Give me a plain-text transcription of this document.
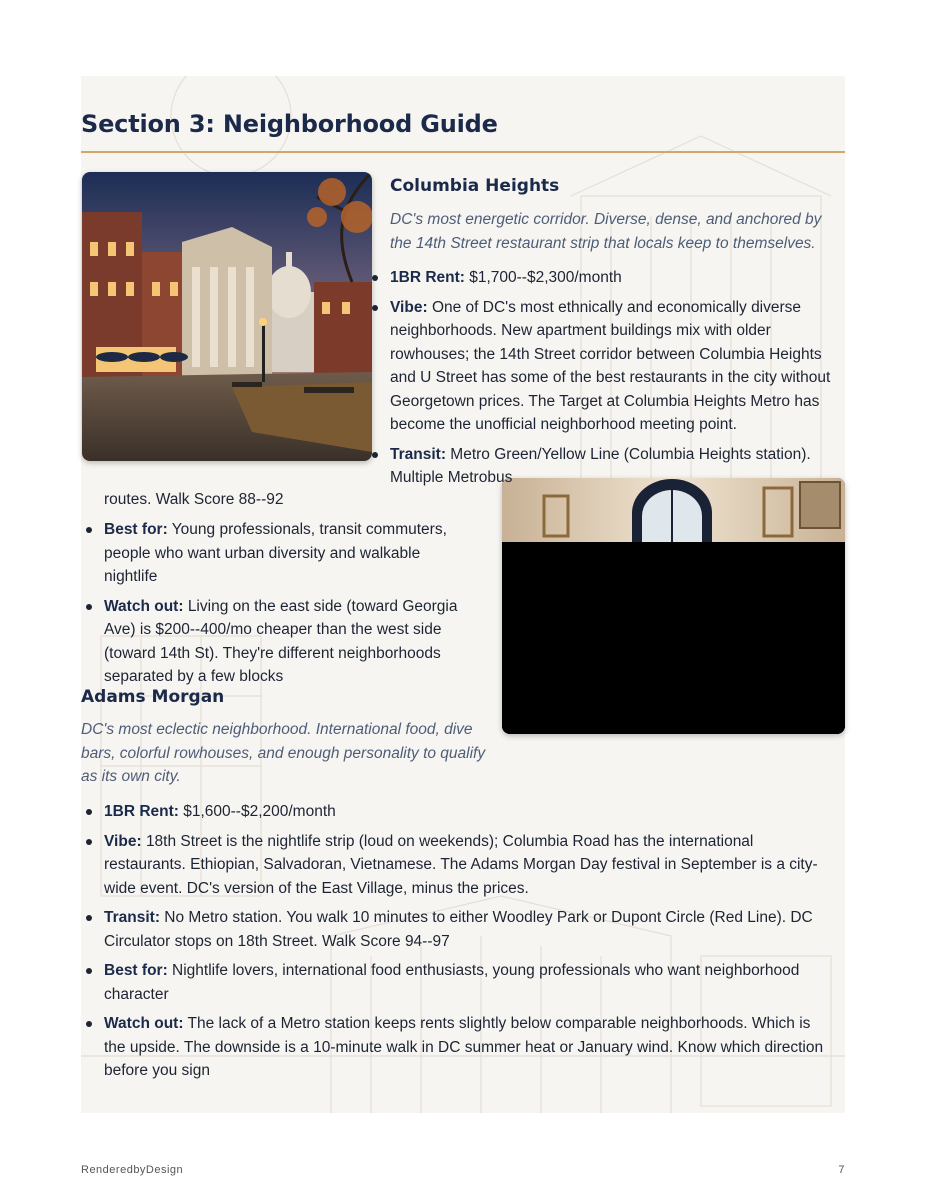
Section 3: Neighborhood Guide
Columbia Heights

DC's most energetic corridor. Diverse, dense, and anchored by the 14th Street restaurant strip that locals keep to themselves.

1BR Rent: $1,700--$2,300/month
Vibe: One of DC's most ethnically and economically diverse neighborhoods. New apartment buildings mix with older rowhouses; the 14th Street corridor between Columbia Heights and U Street has some of the best restaurants in the city without Georgetown prices. The Target at Columbia Heights Metro has become the unofficial neighborhood meeting point.
Transit: Metro Green/Yellow Line (Columbia Heights station). Multiple Metrobus

routes. Walk Score 88--92

Best for: Young professionals, transit commuters, people who want urban diversity and walkable nightlife
Watch out: Living on the east side (toward Georgia Ave) is $200--400/mo cheaper than the west side (toward 14th St). They're different neighborhoods separated by a few blocks
Adams Morgan

DC's most eclectic neighborhood. International food, dive bars, colorful rowhouses, and enough personality to qualify as its own city.

1BR Rent: $1,600--$2,200/month
Vibe: 18th Street is the nightlife strip (loud on weekends); Columbia Road has the international restaurants. Ethiopian, Salvadoran, Vietnamese. The Adams Morgan Day festival in September is a city-wide event. DC's version of the East Village, minus the prices.
Transit: No Metro station. You walk 10 minutes to either Woodley Park or Dupont Circle (Red Line). DC Circulator stops on 18th Street. Walk Score 94--97
Best for: Nightlife lovers, international food enthusiasts, young professionals who want neighborhood character
Watch out: The lack of a Metro station keeps rents slightly below comparable neighborhoods. Which is the upside. The downside is a 10-minute walk in DC summer heat or January wind. Know which direction before you sign
RenderedbyDesign	7
